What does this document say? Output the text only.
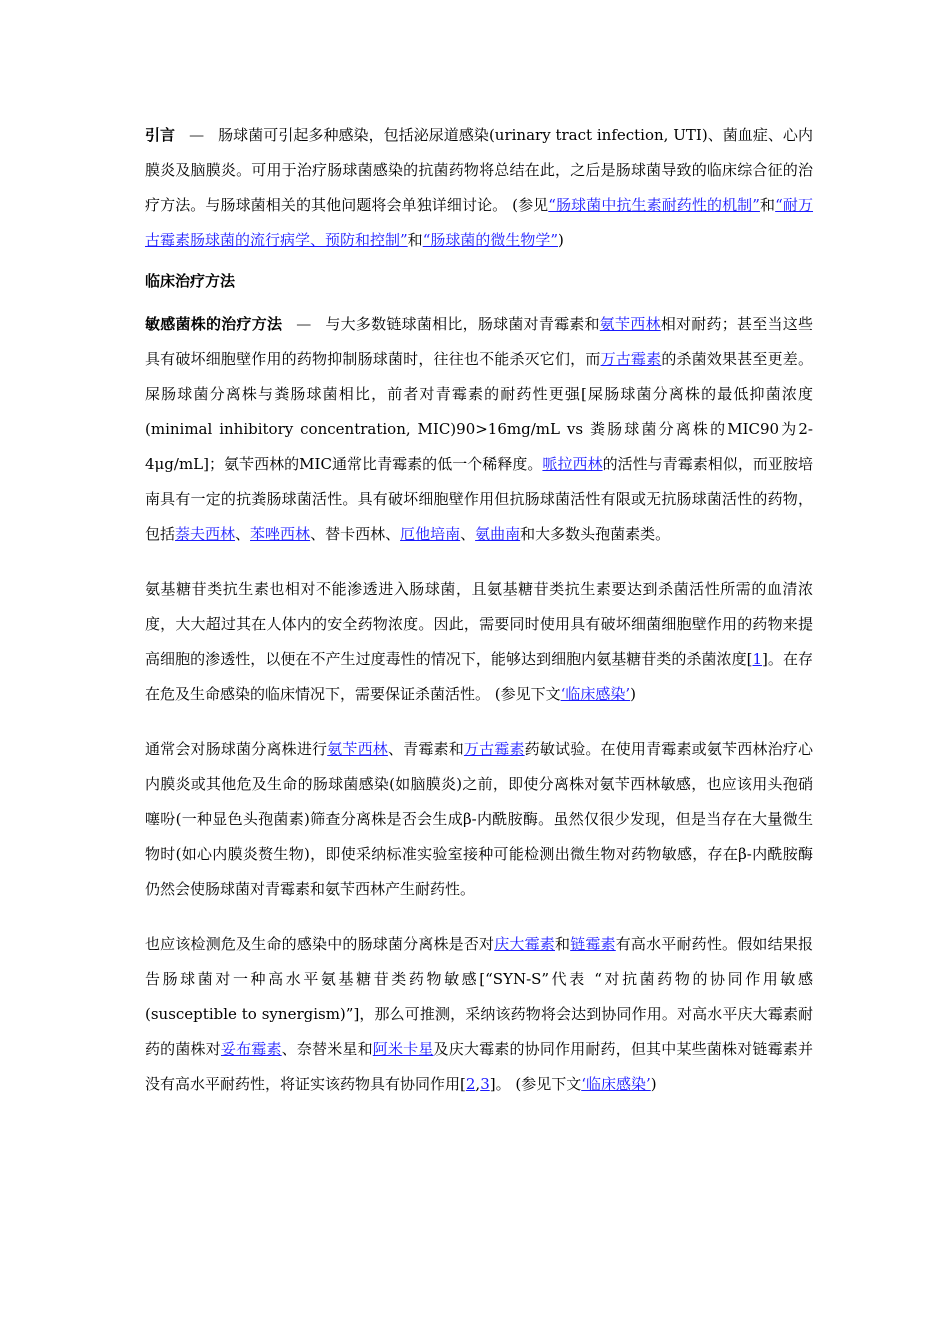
引言 — 肠球菌可引起多种感染，包括泌尿道感染(urinary tract infection, UTI)、菌血症、心内膜炎及脑膜炎。可用于治疗肠球菌感染的抗菌药物将总结在此，之后是肠球菌导致的临床综合征的治疗方法。与肠球菌相关的其他问题将会单独详细讨论。 (参见“肠球菌中抗生素耐药性的机制”和“耐万古霉素肠球菌的流行病学、预防和控制”和“肠球菌的微生物学”)

临床治疗方法

敏感菌株的治疗方法 — 与大多数链球菌相比，肠球菌对青霉素和氨苄西林相对耐药；甚至当这些具有破坏细胞壁作用的药物抑制肠球菌时，往往也不能杀灭它们，而万古霉素的杀菌效果甚至更差。屎肠球菌分离株与粪肠球菌相比，前者对青霉素的耐药性更强[屎肠球菌分离株的最低抑菌浓度(minimal inhibitory concentration, MIC)90>16mg/mL vs 粪肠球菌分离株的MIC90为2-4μg/mL]；氨苄西林的MIC通常比青霉素的低一个稀释度。哌拉西林的活性与青霉素相似，而亚胺培南具有一定的抗粪肠球菌活性。具有破坏细胞壁作用但抗肠球菌活性有限或无抗肠球菌活性的药物，包括萘夫西林、苯唑西林、替卡西林、厄他培南、氨曲南和大多数头孢菌素类。

氨基糖苷类抗生素也相对不能渗透进入肠球菌，且氨基糖苷类抗生素要达到杀菌活性所需的血清浓度，大大超过其在人体内的安全药物浓度。因此，需要同时使用具有破坏细菌细胞壁作用的药物来提高细胞的渗透性，以便在不产生过度毒性的情况下，能够达到细胞内氨基糖苷类的杀菌浓度[1]。在存在危及生命感染的临床情况下，需要保证杀菌活性。 (参见下文‘临床感染’)

通常会对肠球菌分离株进行氨苄西林、青霉素和万古霉素药敏试验。在使用青霉素或氨苄西林治疗心内膜炎或其他危及生命的肠球菌感染(如脑膜炎)之前，即使分离株对氨苄西林敏感，也应该用头孢硝噻吩(一种显色头孢菌素)筛查分离株是否会生成β-内酰胺酶。虽然仅很少发现，但是当存在大量微生物时(如心内膜炎赘生物)，即使采纳标准实验室接种可能检测出微生物对药物敏感，存在β-内酰胺酶仍然会使肠球菌对青霉素和氨苄西林产生耐药性。

也应该检测危及生命的感染中的肠球菌分离株是否对庆大霉素和链霉素有高水平耐药性。假如结果报告肠球菌对一种高水平氨基糖苷类药物敏感[“SYN-S”代表 “对抗菌药物的协同作用敏感(susceptible to synergism)”]，那么可推测，采纳该药物将会达到协同作用。对高水平庆大霉素耐药的菌株对妥布霉素、奈替米星和阿米卡星及庆大霉素的协同作用耐药，但其中某些菌株对链霉素并没有高水平耐药性，将证实该药物具有协同作用[2,3]。 (参见下文‘临床感染’)
